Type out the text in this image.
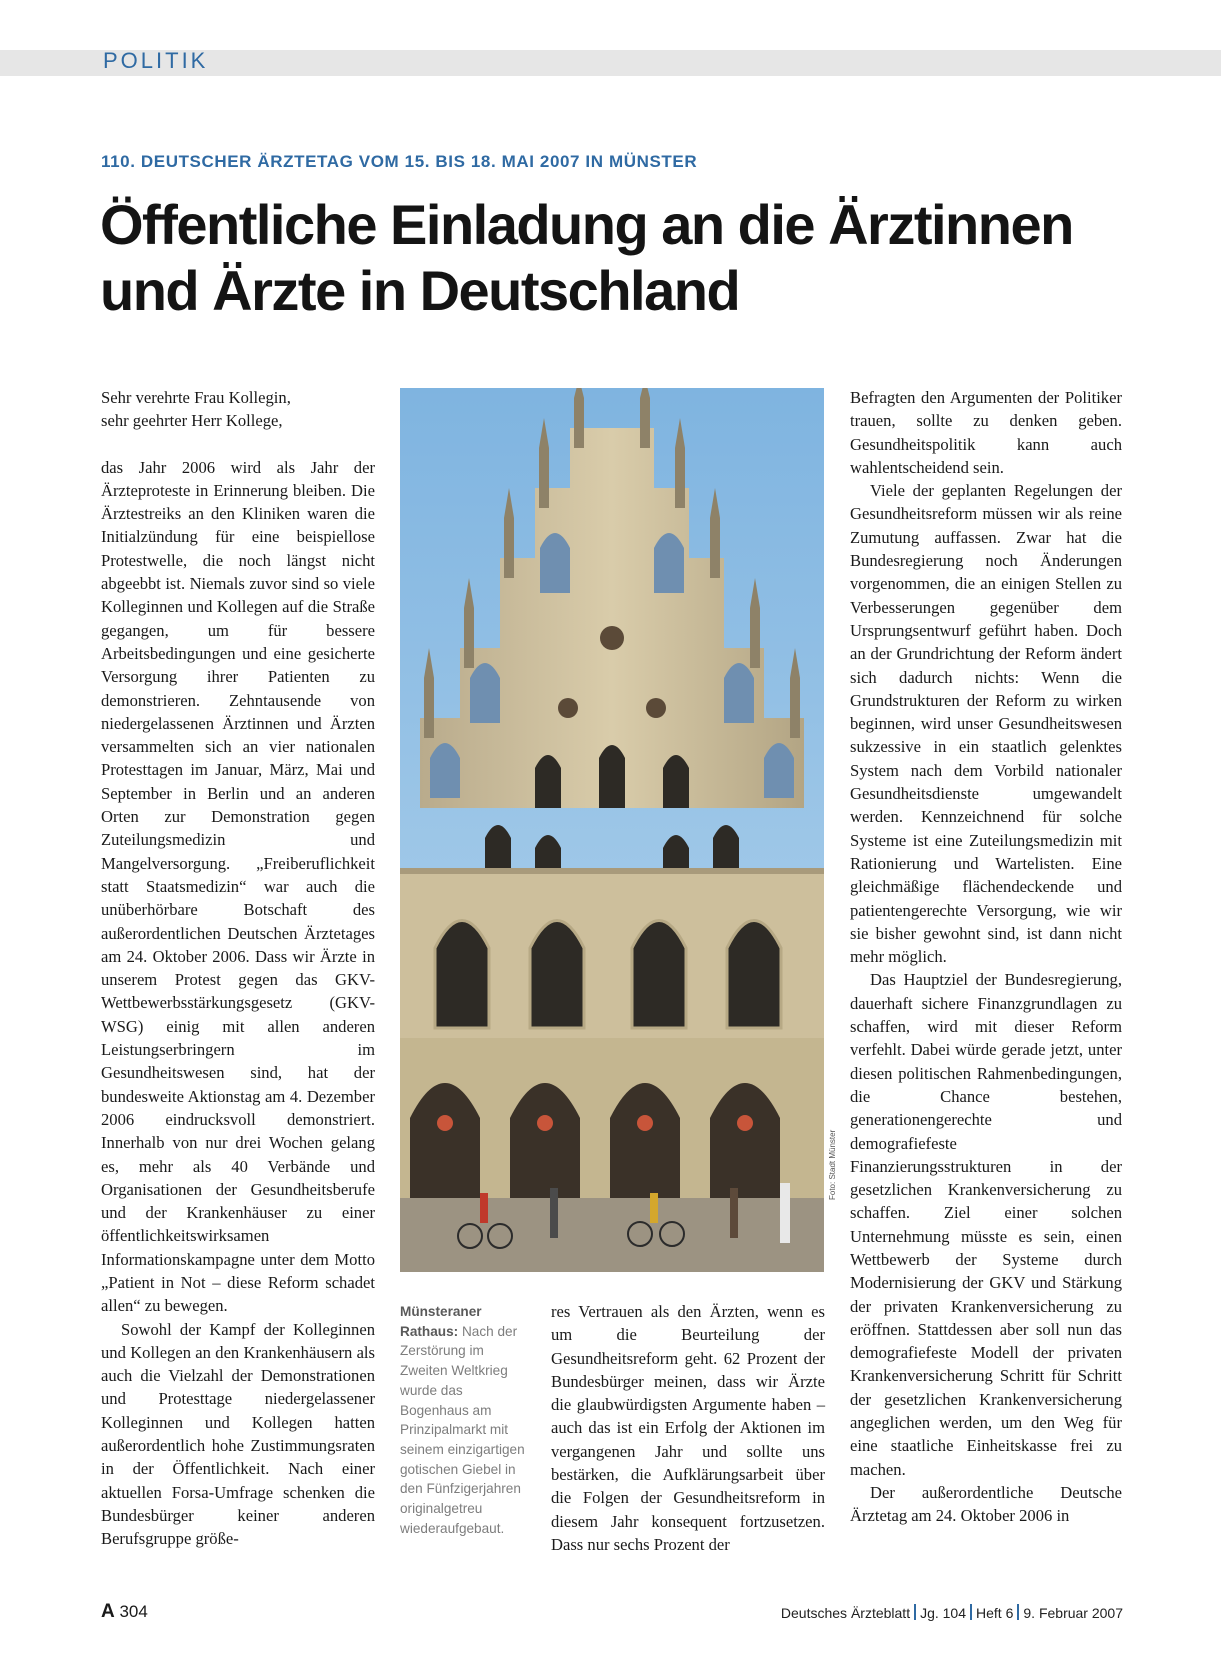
POLITIK
110. DEUTSCHER ÄRZTETAG VOM 15. BIS 18. MAI 2007 IN MÜNSTER
Öffentliche Einladung an die Ärztinnen
und Ärzte in Deutschland

Sehr verehrte Frau Kollegin,
sehr geehrter Herr Kollege,

das Jahr 2006 wird als Jahr der Ärzteproteste in Erinnerung bleiben. Die Ärztestreiks an den Kliniken waren die Initialzündung für eine beispiellose Protestwelle, die noch längst nicht abgeebbt ist. Niemals zuvor sind so viele Kolleginnen und Kollegen auf die Straße gegangen, um für bessere Arbeitsbedingungen und eine gesicherte Versorgung ihrer Patienten zu demonstrieren. Zehntausende von niedergelassenen Ärztinnen und Ärzten versammelten sich an vier nationalen Protesttagen im Januar, März, Mai und September in Berlin und an anderen Orten zur Demonstration gegen Zuteilungsmedizin und Mangelversorgung. „Freiberuflichkeit statt Staatsmedizin“ war auch die unüberhörbare Botschaft des außerordentlichen Deutschen Ärztetages am 24. Oktober 2006. Dass wir Ärzte in unserem Protest gegen das GKV-Wettbewerbsstärkungsgesetz (GKV-WSG) einig mit allen anderen Leistungserbringern im Gesundheitswesen sind, hat der bundesweite Aktionstag am 4. Dezember 2006 eindrucksvoll demonstriert. Innerhalb von nur drei Wochen gelang es, mehr als 40 Verbände und Organisationen der Gesundheitsberufe und der Krankenhäuser zu einer öffentlichkeitswirksamen Informationskampagne unter dem Motto „Patient in Not – diese Reform schadet allen“ zu bewegen.

Sowohl der Kampf der Kolleginnen und Kollegen an den Krankenhäusern als auch die Vielzahl der Demonstrationen und Protesttage niedergelassener Kolleginnen und Kollegen hatten außerordentlich hohe Zustimmungsraten in der Öffentlichkeit. Nach einer aktuellen Forsa-Umfrage schenken die Bundesbürger keiner anderen Berufsgruppe größe-

Foto: Stadt Münster
Münsteraner Rathaus: Nach der Zerstörung im Zweiten Weltkrieg wurde das Bogenhaus am Prinzipalmarkt mit seinem einzigartigen gotischen Giebel in den Fünfzigerjahren originalgetreu wiederaufgebaut.

res Vertrauen als den Ärzten, wenn es um die Beurteilung der Gesundheitsreform geht. 62 Prozent der Bundesbürger meinen, dass wir Ärzte die glaubwürdigsten Argumente haben – auch das ist ein Erfolg der Aktionen im vergangenen Jahr und sollte uns bestärken, die Aufklärungsarbeit über die Folgen der Gesundheitsreform in diesem Jahr konsequent fortzusetzen. Dass nur sechs Prozent der

Befragten den Argumenten der Politiker trauen, sollte zu denken geben. Gesundheitspolitik kann auch wahlentscheidend sein.

Viele der geplanten Regelungen der Gesundheitsreform müssen wir als reine Zumutung auffassen. Zwar hat die Bundesregierung noch Änderungen vorgenommen, die an einigen Stellen zu Verbesserungen gegenüber dem Ursprungsentwurf geführt haben. Doch an der Grundrichtung der Reform ändert sich dadurch nichts: Wenn die Grundstrukturen der Reform zu wirken beginnen, wird unser Gesundheitswesen sukzessive in ein staatlich gelenktes System nach dem Vorbild nationaler Gesundheitsdienste umgewandelt werden. Kennzeichnend für solche Systeme ist eine Zuteilungsmedizin mit Rationierung und Wartelisten. Eine gleichmäßige flächendeckende und patientengerechte Versorgung, wie wir sie bisher gewohnt sind, ist dann nicht mehr möglich.

Das Hauptziel der Bundesregierung, dauerhaft sichere Finanzgrundlagen zu schaffen, wird mit dieser Reform verfehlt. Dabei würde gerade jetzt, unter diesen politischen Rahmenbedingungen, die Chance bestehen, generationengerechte und demografiefeste Finanzierungsstrukturen in der gesetzlichen Krankenversicherung zu schaffen. Ziel einer solchen Unternehmung müsste es sein, einen Wettbewerb der Systeme durch Modernisierung der GKV und Stärkung der privaten Krankenversicherung zu eröffnen. Stattdessen aber soll nun das demografiefeste Modell der privaten Krankenversicherung Schritt für Schritt der gesetzlichen Krankenversicherung angeglichen werden, um den Weg für eine staatliche Einheitskasse frei zu machen.

Der außerordentliche Deutsche Ärztetag am 24. Oktober 2006 in

A 304	Deutsches Ärzteblatt Jg. 104 Heft 6 9. Februar 2007
